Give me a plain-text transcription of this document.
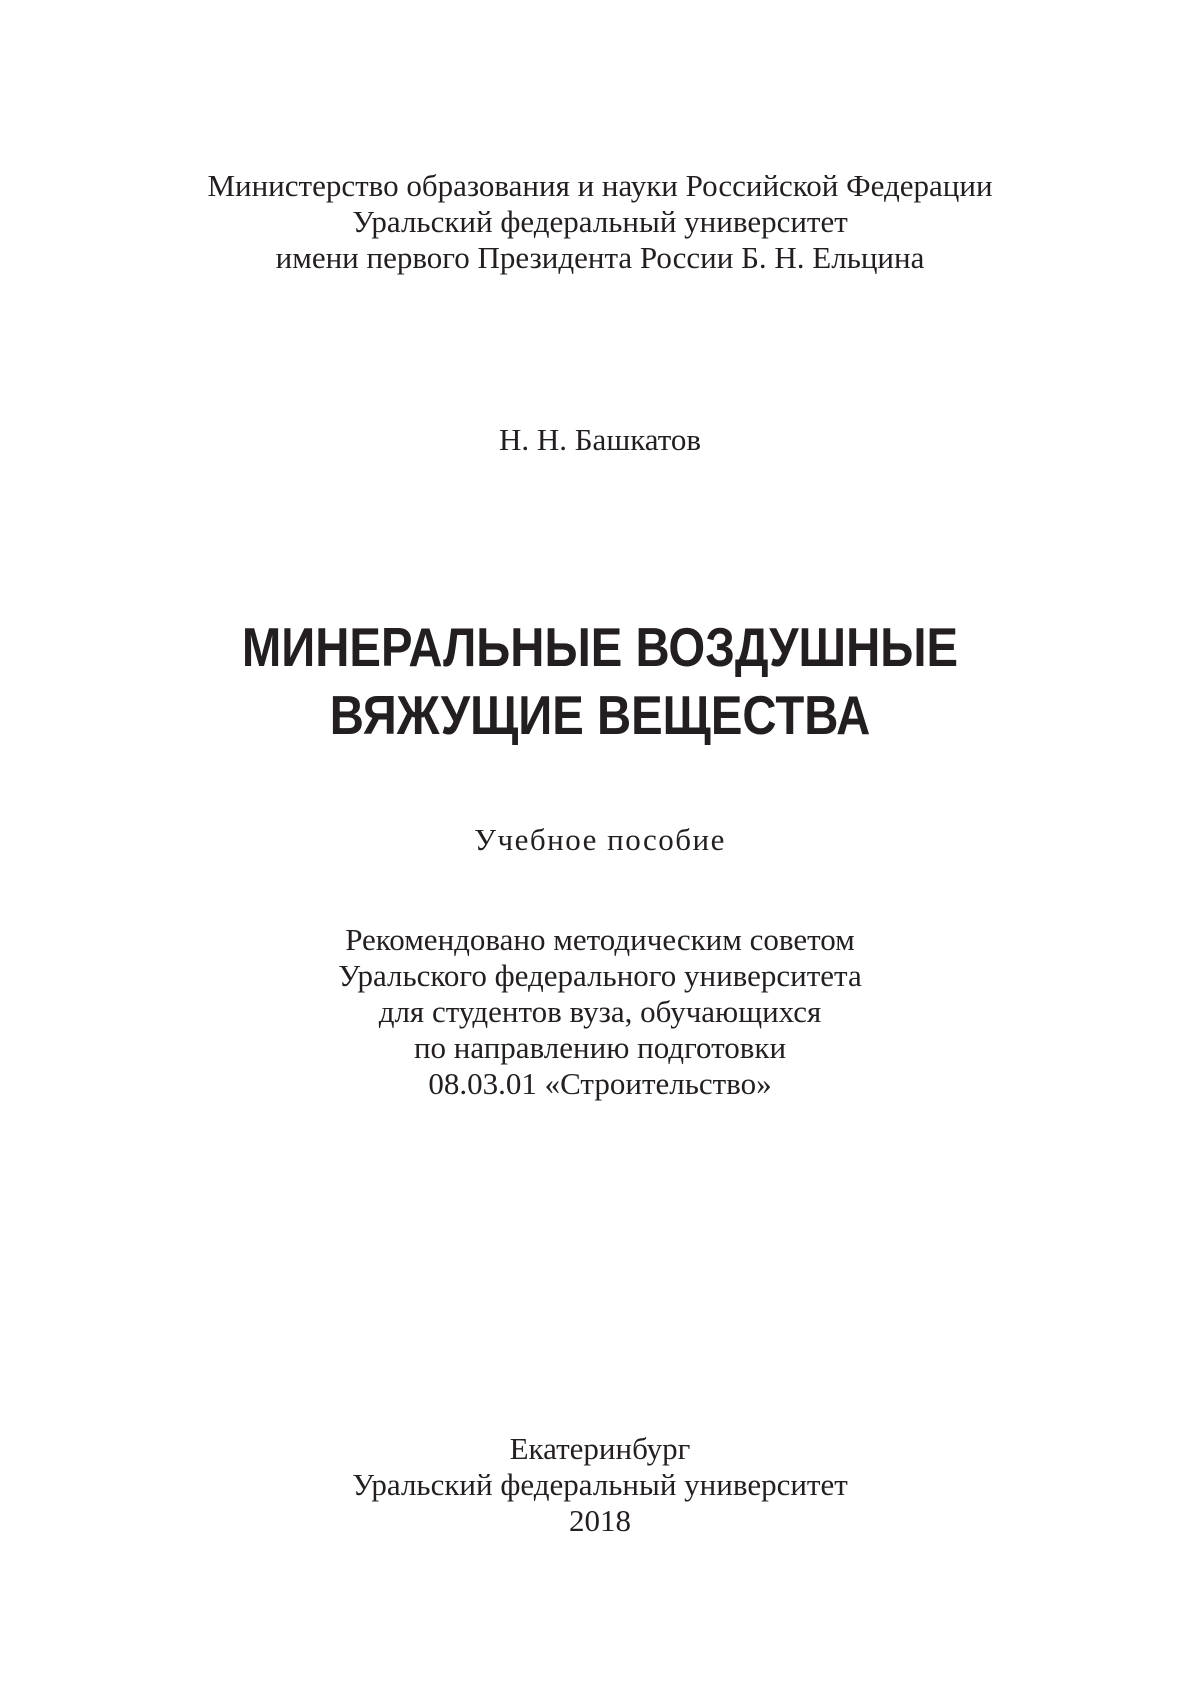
Министерство образования и науки Российской Федерации
Уральский федеральный университет
имени первого Президента России Б. Н. Ельцина
Н. Н. Башкатов
МИНЕРАЛЬНЫЕ ВОЗДУШНЫЕ
ВЯЖУЩИЕ ВЕЩЕСТВА
Учебное пособие
Рекомендовано методическим советом
Уральского федерального университета
для студентов вуза, обучающихся
по направлению подготовки
08.03.01 «Строительство»
Екатеринбург
Уральский федеральный университет
2018
